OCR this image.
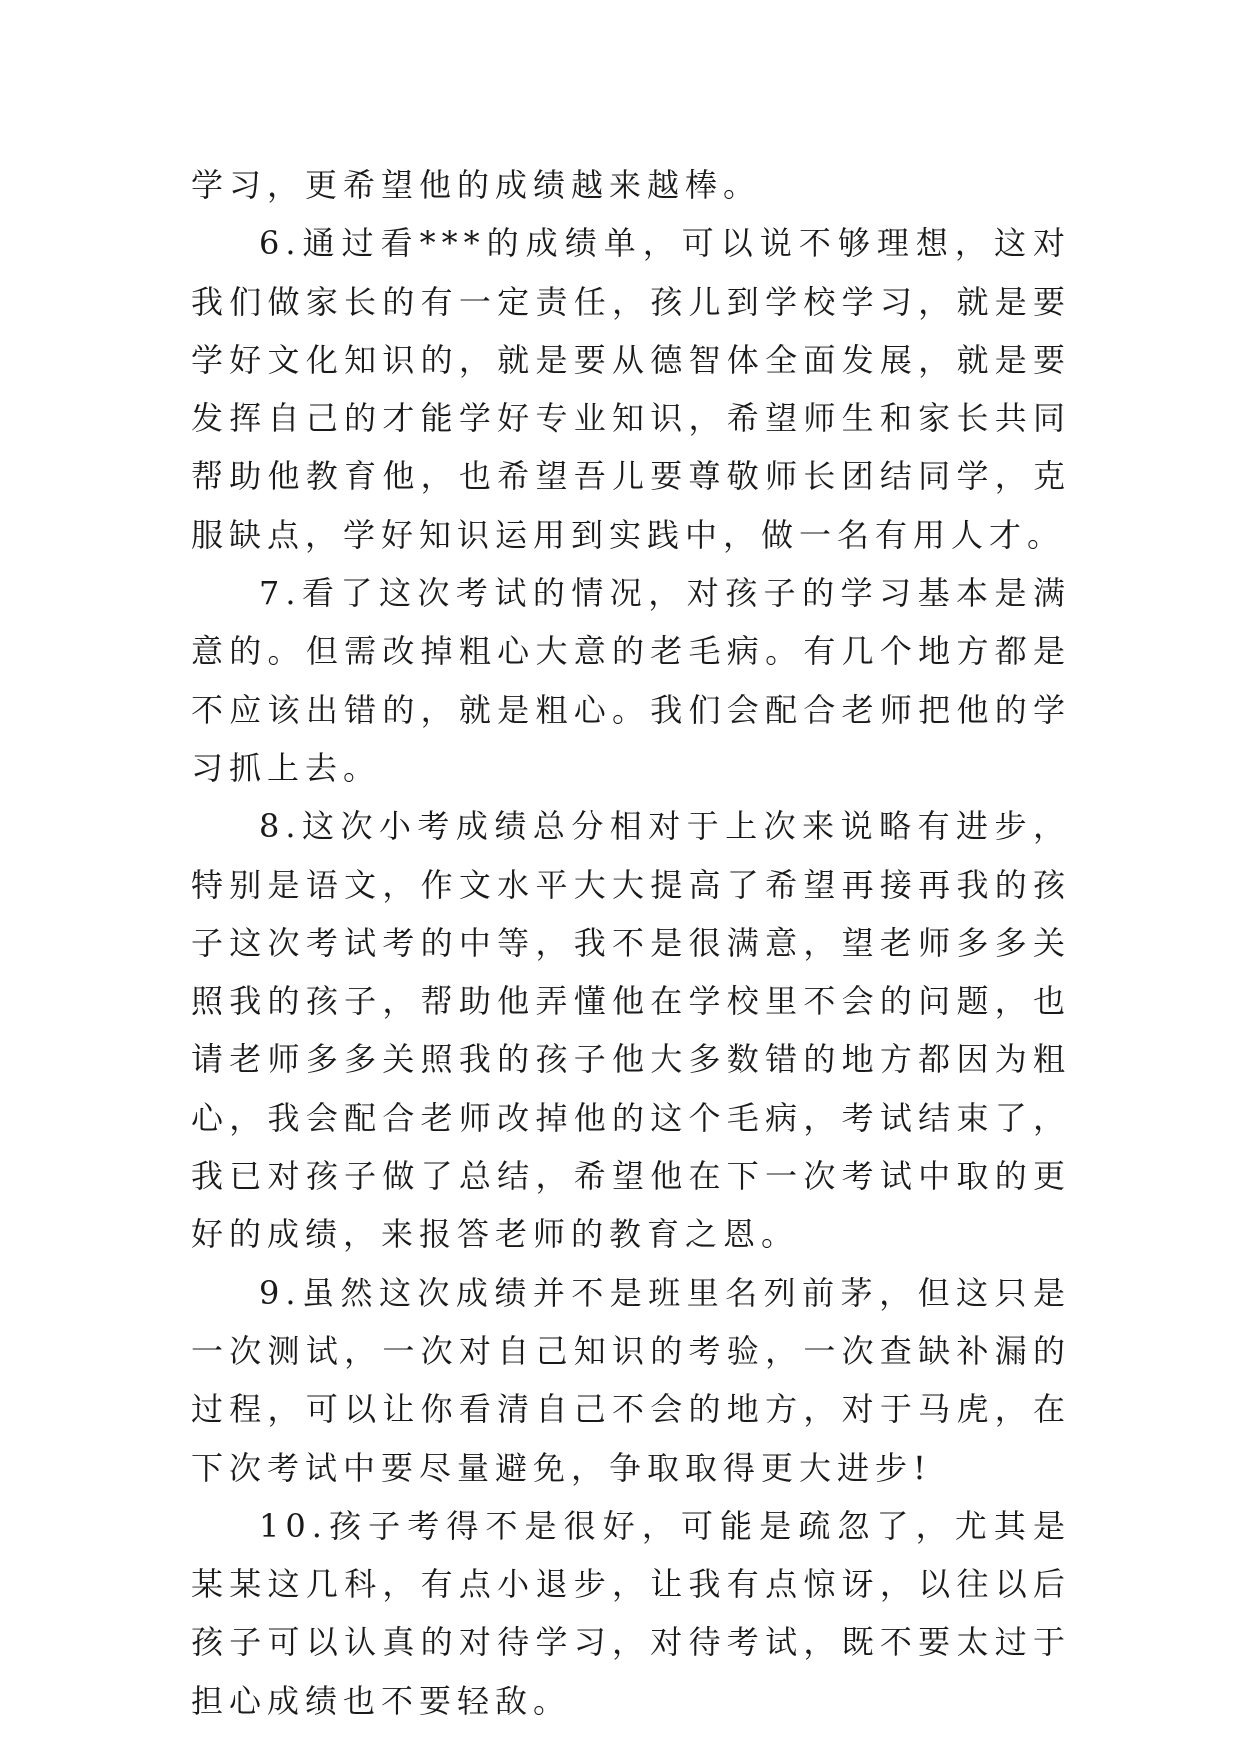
学习，更希望他的成绩越来越棒。

6.通过看***的成绩单，可以说不够理想，这对我们做家长的有一定责任，孩儿到学校学习，就是要学好文化知识的，就是要从德智体全面发展，就是要发挥自己的才能学好专业知识，希望师生和家长共同帮助他教育他，也希望吾儿要尊敬师长团结同学，克服缺点，学好知识运用到实践中，做一名有用人才。

7.看了这次考试的情况，对孩子的学习基本是满意的。但需改掉粗心大意的老毛病。有几个地方都是不应该出错的，就是粗心。我们会配合老师把他的学习抓上去。

8.这次小考成绩总分相对于上次来说略有进步，特别是语文，作文水平大大提高了希望再接再我的孩子这次考试考的中等，我不是很满意，望老师多多关照我的孩子，帮助他弄懂他在学校里不会的问题，也请老师多多关照我的孩子他大多数错的地方都因为粗心，我会配合老师改掉他的这个毛病，考试结束了，我已对孩子做了总结，希望他在下一次考试中取的更好的成绩，来报答老师的教育之恩。

9.虽然这次成绩并不是班里名列前茅，但这只是一次测试，一次对自己知识的考验，一次查缺补漏的过程，可以让你看清自己不会的地方，对于马虎，在下次考试中要尽量避免，争取取得更大进步!

10.孩子考得不是很好，可能是疏忽了，尤其是某某这几科，有点小退步，让我有点惊讶，以往以后孩子可以认真的对待学习，对待考试，既不要太过于担心成绩也不要轻敌。
